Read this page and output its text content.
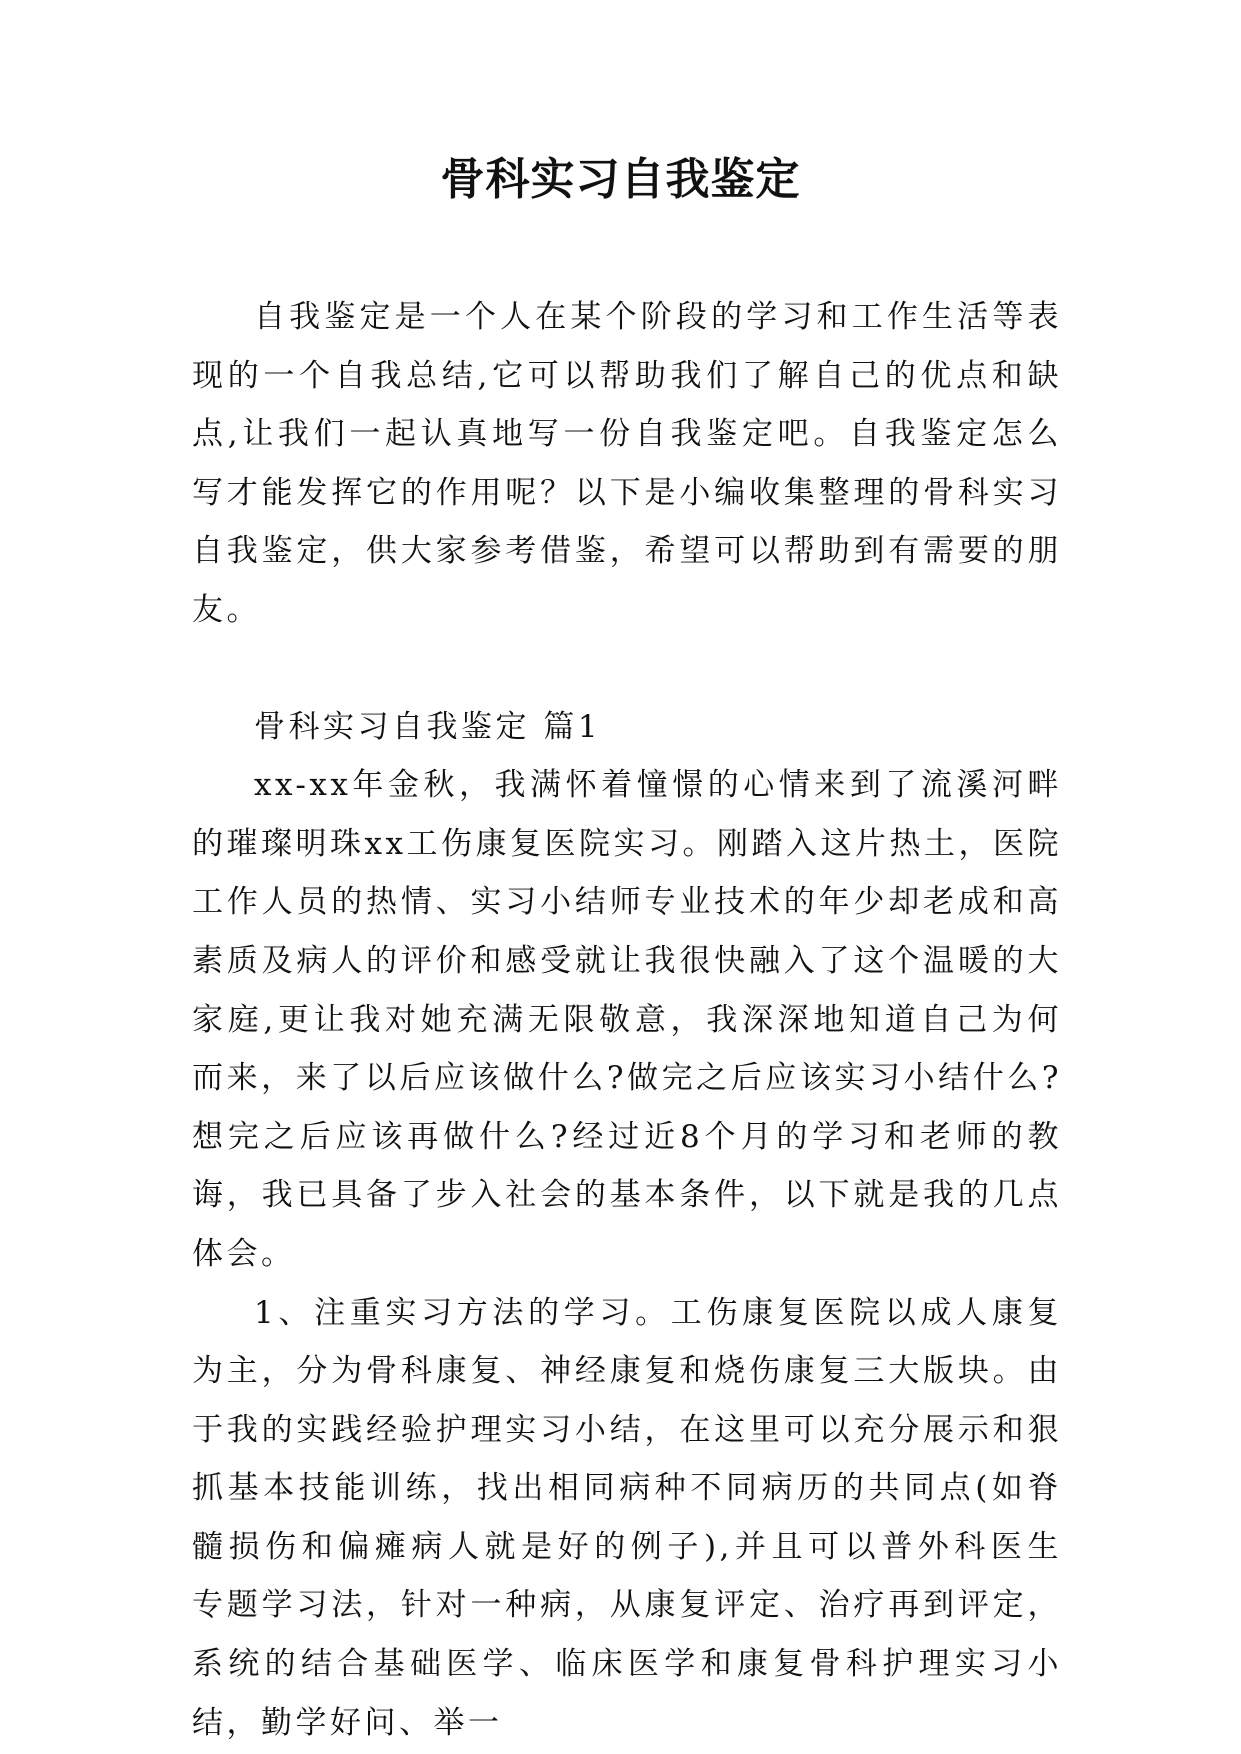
骨科实习自我鉴定

自我鉴定是一个人在某个阶段的学习和工作生活等表现的一个自我总结,它可以帮助我们了解自己的优点和缺点,让我们一起认真地写一份自我鉴定吧。自我鉴定怎么写才能发挥它的作用呢？以下是小编收集整理的骨科实习自我鉴定，供大家参考借鉴，希望可以帮助到有需要的朋友。

骨科实习自我鉴定 篇1

xx-xx年金秋，我满怀着憧憬的心情来到了流溪河畔的璀璨明珠xx工伤康复医院实习。刚踏入这片热土，医院工作人员的热情、实习小结师专业技术的年少却老成和高素质及病人的评价和感受就让我很快融入了这个温暖的大家庭,更让我对她充满无限敬意，我深深地知道自己为何而来，来了以后应该做什么?做完之后应该实习小结什么?想完之后应该再做什么?经过近8个月的学习和老师的教诲，我已具备了步入社会的基本条件，以下就是我的几点体会。

1、注重实习方法的学习。工伤康复医院以成人康复为主，分为骨科康复、神经康复和烧伤康复三大版块。由于我的实践经验护理实习小结，在这里可以充分展示和狠抓基本技能训练，找出相同病种不同病历的共同点(如脊髓损伤和偏瘫病人就是好的例子),并且可以普外科医生 专题学习法，针对一种病，从康复评定、治疗再到评定，系统的结合基础医学、临床医学和康复骨科护理实习小结，勤学好问、举一
